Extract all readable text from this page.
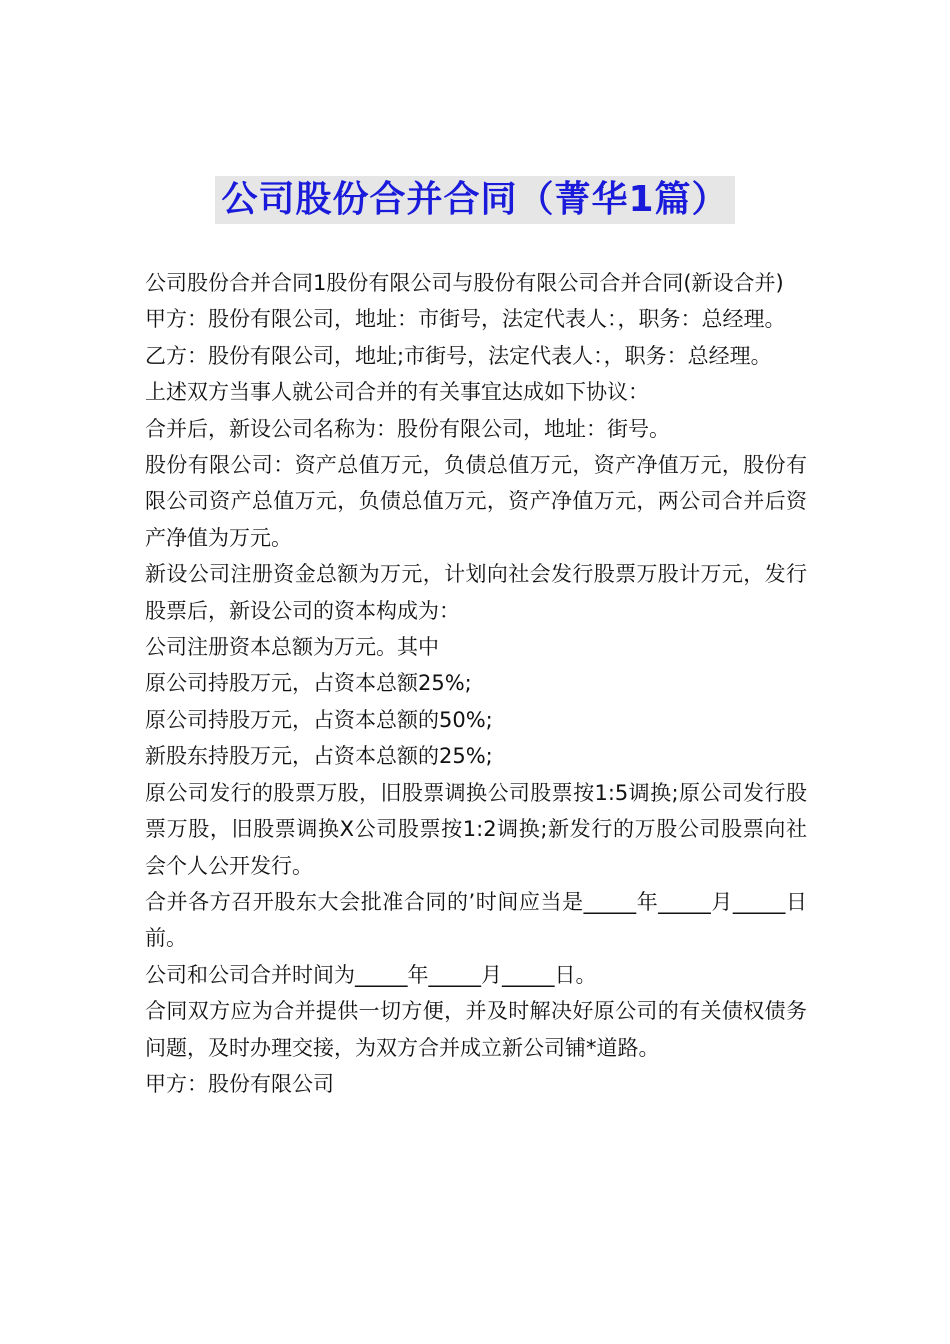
公司股份合并合同（菁华1篇）

公司股份合并合同1股份有限公司与股份有限公司合并合同(新设合并)

甲方：股份有限公司，地址：市街号，法定代表人：，职务：总经理。

乙方：股份有限公司，地址;市街号，法定代表人：，职务：总经理。

上述双方当事人就公司合并的有关事宜达成如下协议：

合并后，新设公司名称为：股份有限公司，地址：街号。

股份有限公司：资产总值万元，负债总值万元，资产净值万元，股份有限公司资产总值万元，负债总值万元，资产净值万元，两公司合并后资产净值为万元。

新设公司注册资金总额为万元，计划向社会发行股票万股计万元，发行股票后，新设公司的资本构成为：

公司注册资本总额为万元。其中

原公司持股万元，占资本总额25%;

原公司持股万元，占资本总额的50%;

新股东持股万元，占资本总额的25%;

原公司发行的股票万股，旧股票调换公司股票按1:5调换;原公司发行股票万股，旧股票调换X公司股票按1:2调换;新发行的万股公司股票向社会个人公开发行。

合并各方召开股东大会批准合同的’时间应当是_____年_____月_____日前。

公司和公司合并时间为_____年_____月_____日。

合同双方应为合并提供一切方便，并及时解决好原公司的有关债权债务问题，及时办理交接，为双方合并成立新公司铺*道路。

甲方：股份有限公司
